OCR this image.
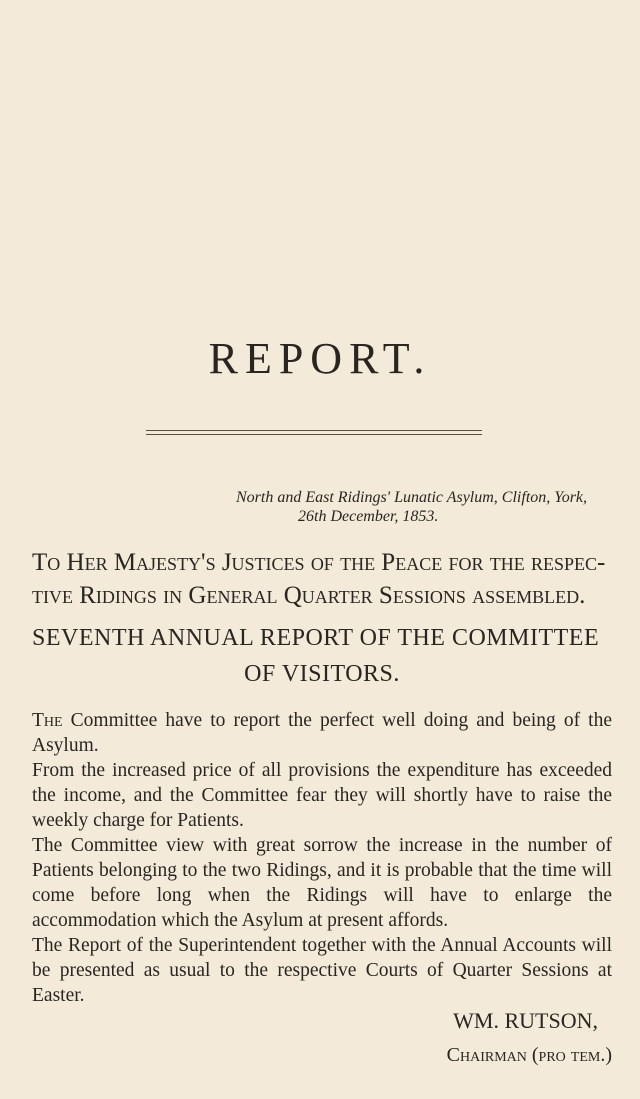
REPORT.
North and East Ridings' Lunatic Asylum, Clifton, York,
26th December, 1853.
To Her Majesty's Justices of the Peace for the respec-
tive Ridings in General Quarter Sessions assembled.
SEVENTH ANNUAL REPORT OF THE COMMITTEE
OF VISITORS.

The Committee have to report the perfect well doing and being of the Asylum.

From the increased price of all provisions the expenditure has exceeded the income, and the Committee fear they will shortly have to raise the weekly charge for Patients.

The Committee view with great sorrow the increase in the number of Patients belonging to the two Ridings, and it is probable that the time will come before long when the Ridings will have to enlarge the accommodation which the Asylum at present affords.

The Report of the Superintendent together with the Annual Accounts will be presented as usual to the respective Courts of Quarter Sessions at Easter.

WM. RUTSON,
Chairman (pro tem.)
